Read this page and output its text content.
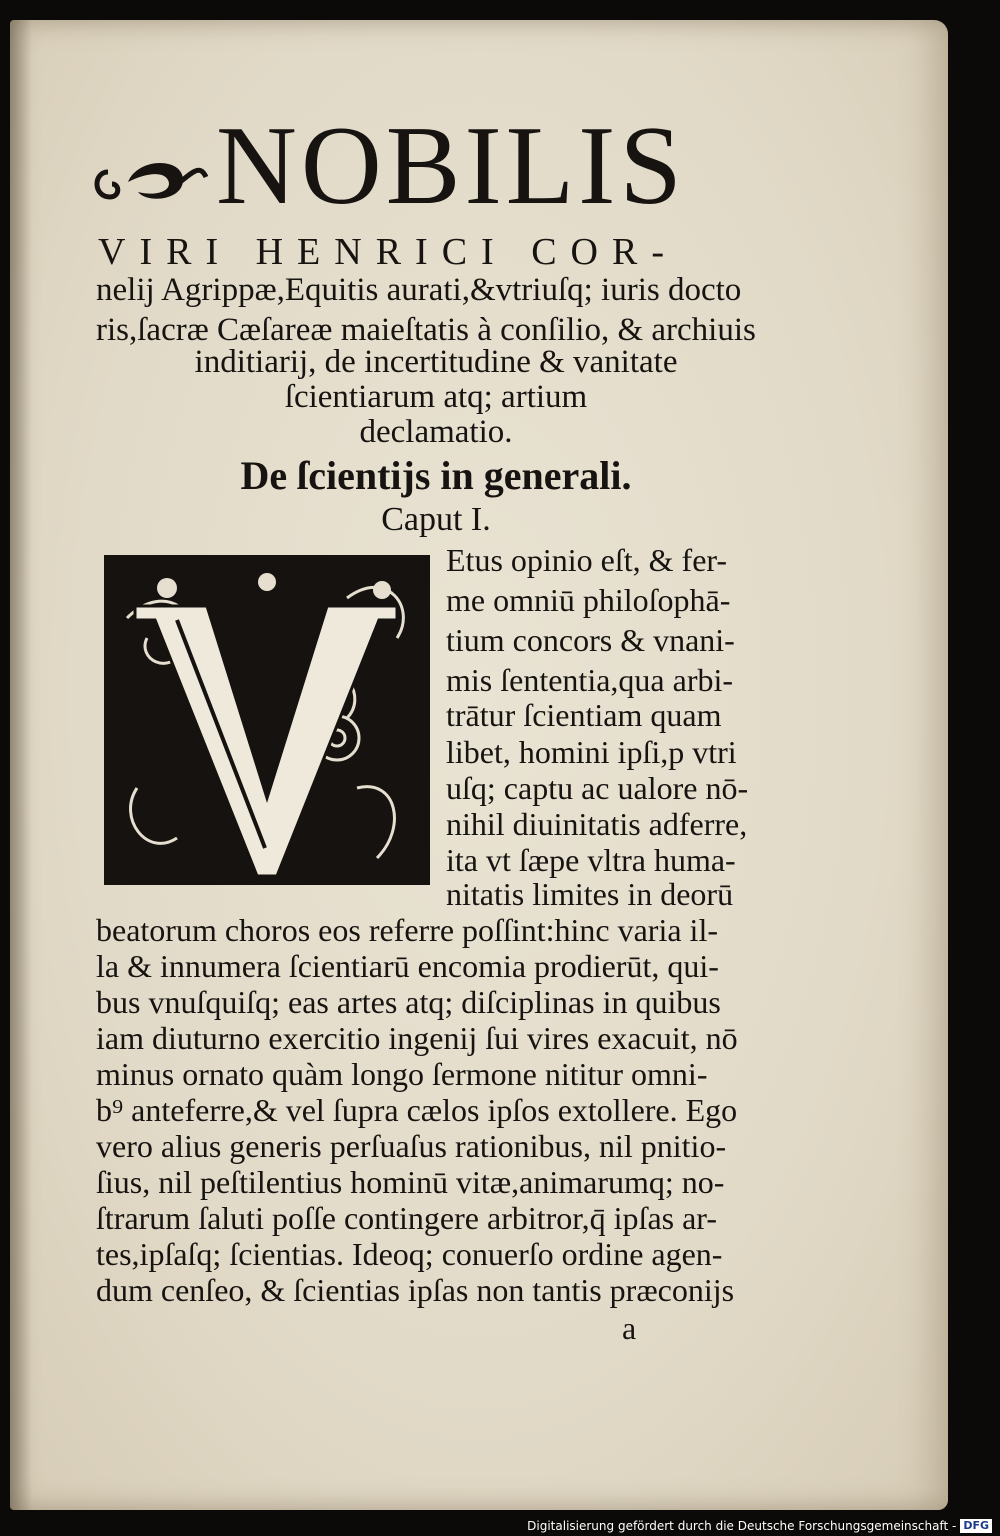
NOBILIS

VIRI HENRICI COR-

nelij Agrippæ,Equitis aurati,&vtriuſq; iuris docto

ris,ſacræ Cæſareæ maieſtatis à conſilio, & archiuis

inditiarij, de incertitudine & vanitate

ſcientiarum atq; artium

declamatio.

De ſcientijs in generali.

Caput I.

Etus opinio eſt, & fer-

me omniū philoſophā-

tium concors & vnani-

mis ſententia,qua arbi-

trātur ſcientiam quam

libet, homini ipſi,p vtri

uſq; captu ac ualore nō-

nihil diuinitatis adferre,

ita vt ſæpe vltra huma-

nitatis limites in deorū

beatorum choros eos referre poſſint:hinc varia il-

la & innumera ſcientiarū encomia prodierūt, qui-

bus vnuſquiſq; eas artes atq; diſciplinas in quibus

iam diuturno exercitio ingenij ſui vires exacuit, nō

minus ornato quàm longo ſermone nititur omni-

b⁹ anteferre,& vel ſupra cælos ipſos extollere. Ego

vero alius generis perſuaſus rationibus, nil pnitio-

ſius, nil peſtilentius hominū vitæ,animarumq; no-

ſtrarum ſaluti poſſe contingere arbitror,q̄ ipſas ar-

tes,ipſaſq; ſcientias. Ideoq; conuerſo ordine agen-

dum cenſeo, & ſcientias ipſas non tantis præconijs

a

Digitalisierung gefördert durch die Deutsche Forschungsgemeinschaft - DFG
